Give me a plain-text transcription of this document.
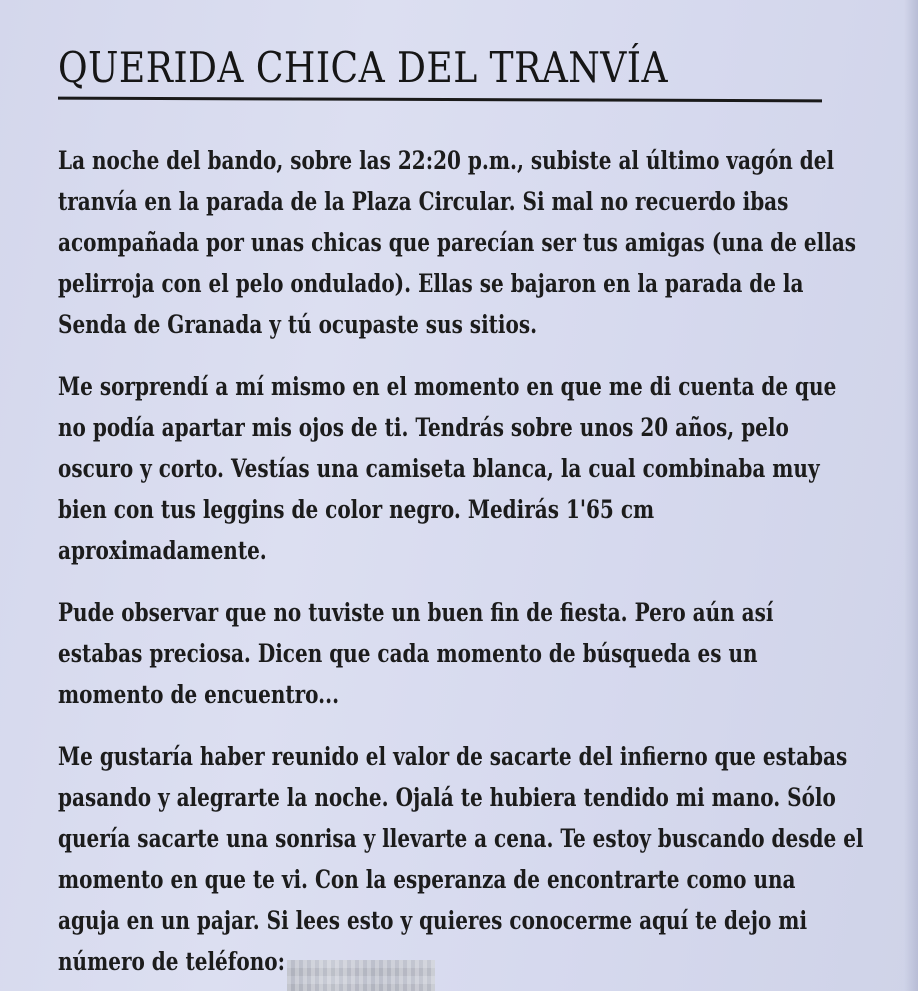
QUERIDA CHICA DEL TRANVÍA

La noche del bando, sobre las 22:20 p.m., subiste al último vagón del
tranvía en la parada de la Plaza Circular. Si mal no recuerdo ibas
acompañada por unas chicas que parecían ser tus amigas (una de ellas
pelirroja con el pelo ondulado). Ellas se bajaron en la parada de la
Senda de Granada y tú ocupaste sus sitios.

Me sorprendí a mí mismo en el momento en que me di cuenta de que
no podía apartar mis ojos de ti. Tendrás sobre unos 20 años, pelo
oscuro y corto. Vestías una camiseta blanca, la cual combinaba muy
bien con tus leggins de color negro. Medirás 1'65 cm
aproximadamente.

Pude observar que no tuviste un buen fin de fiesta. Pero aún así
estabas preciosa. Dicen que cada momento de búsqueda es un
momento de encuentro...

Me gustaría haber reunido el valor de sacarte del infierno que estabas
pasando y alegrarte la noche. Ojalá te hubiera tendido mi mano. Sólo
quería sacarte una sonrisa y llevarte a cena. Te estoy buscando desde el
momento en que te vi. Con la esperanza de encontrarte como una
aguja en un pajar. Si lees esto y quieres conocerme aquí te dejo mi
número de teléfono:
